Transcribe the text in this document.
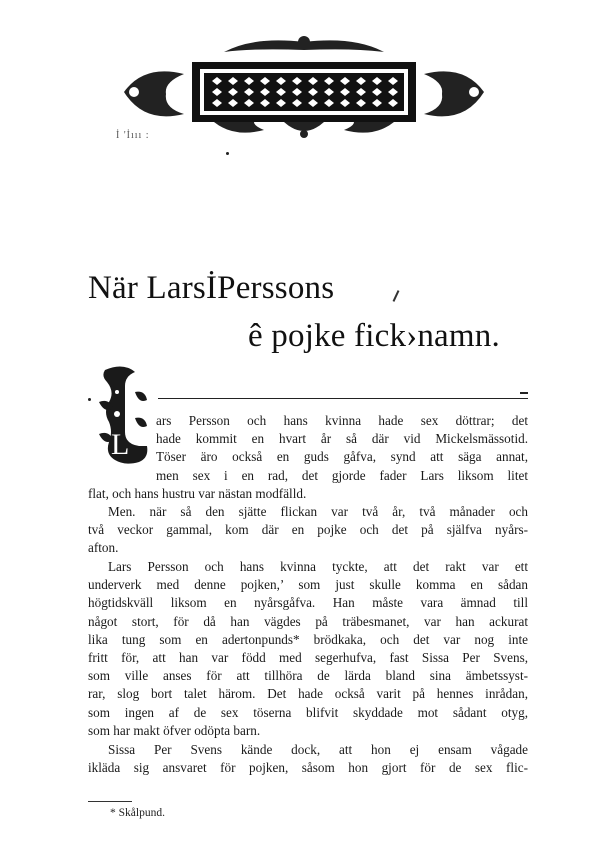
İ 'İııı :
När LarsİPerssons
ê pojke fick›namn.
L
ars Persson och hans kvinna hade sex döttrar; det
hade kommit en hvart år så där vid Mickelsmässotid.
Töser äro också en guds gåfva, synd att säga annat,
men sex i en rad, det gjorde fader Lars liksom litet
flat, och hans hustru var nästan modfälld.
Men. när så den sjätte flickan var två år, två månader och
två veckor gammal, kom där en pojke och det på själfva nyårs-
afton.
Lars Persson och hans kvinna tyckte, att det rakt var ett
underverk med denne pojken,’ som just skulle komma en sådan
högtidskväll liksom en nyårsgåfva. Han måste vara ämnad till
något stort, för då han vägdes på träbesmanet, var han ackurat
lika tung som en adertonpunds* brödkaka, och det var nog inte
fritt för, att han var född med segerhufva, fast Sissa Per Svens,
som ville anses för att tillhöra de lärda bland sina ämbetssyst-
rar, slog bort talet härom. Det hade också varit på hennes inrådan,
som ingen af de sex töserna blifvit skyddade mot sådant otyg,
som har makt öfver odöpta barn.
Sissa Per Svens kände dock, att hon ej ensam vågade
ikläda sig ansvaret för pojken, såsom hon gjort för de sex flic-
* Skålpund.
